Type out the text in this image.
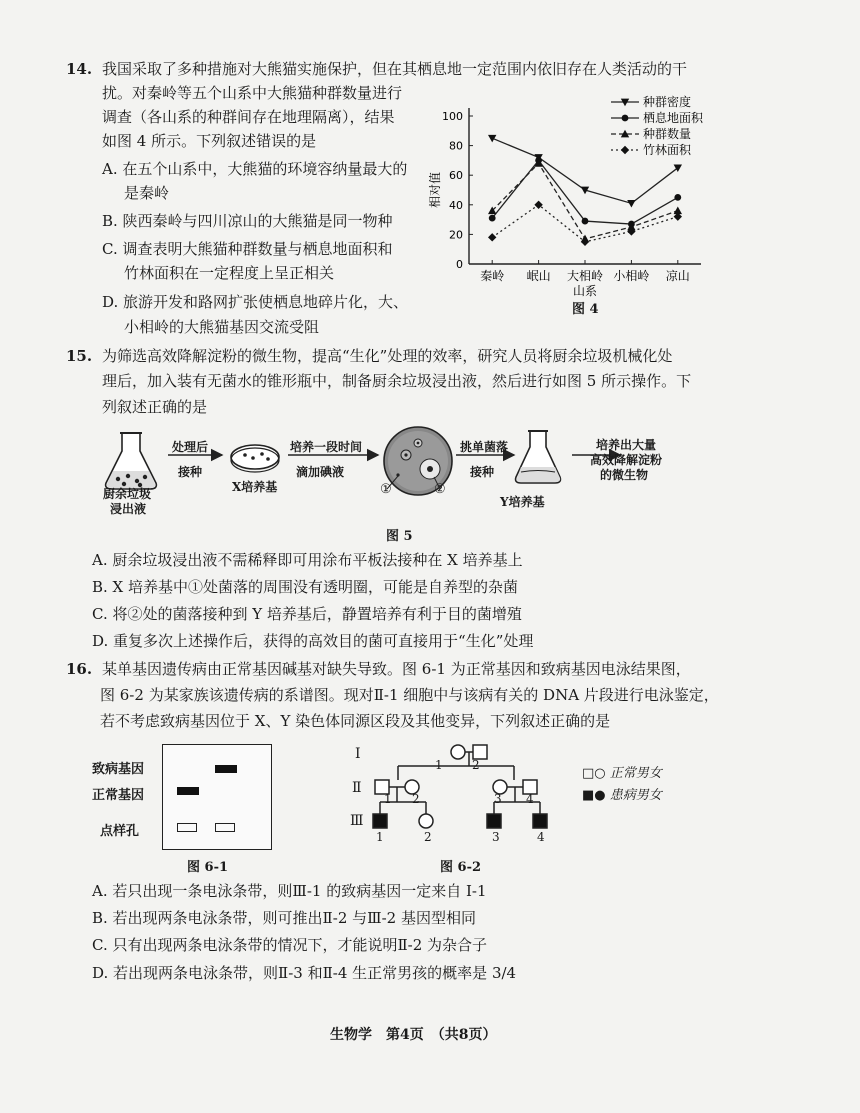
14. 我国采取了多种措施对大熊猫实施保护，但在其栖息地一定范围内依旧存在人类活动的干
扰。对秦岭等五个山系中大熊猫种群数量进行
调查（各山系的种群间存在地理隔离），结果
如图 4 所示。下列叙述错误的是
A. 在五个山系中，大熊猫的环境容纳量最大的
是秦岭
B. 陕西秦岭与四川凉山的大熊猫是同一物种
C. 调查表明大熊猫种群数量与栖息地面积和
竹林面积在一定程度上呈正相关
D. 旅游开发和路网扩张使栖息地碎片化，大、
小相岭的大熊猫基因交流受阻
0
20
40
60
80
100
秦岭 岷山 大相岭 小相岭 凉山
山系
相对值
种群密度
栖息地面积
种群数量
竹林面积
图 4
15. 为筛选高效降解淀粉的微生物，提高“生化”处理的效率，研究人员将厨余垃圾机械化处
理后，加入装有无菌水的锥形瓶中，制备厨余垃圾浸出液，然后进行如图 5 所示操作。下
列叙述正确的是
厨余垃圾
浸出液
处理后
接种
X培养基
培养一段时间
滴加碘液
①	②
挑单菌落
接种
Y培养基
培养出大量
高效降解淀粉
的微生物
图 5
A. 厨余垃圾浸出液不需稀释即可用涂布平板法接种在 X 培养基上
B. X 培养基中①处菌落的周围没有透明圈，可能是自养型的杂菌
C. 将②处的菌落接种到 Y 培养基后，静置培养有利于目的菌增殖
D. 重复多次上述操作后，获得的高效目的菌可直接用于“生化”处理
16. 某单基因遗传病由正常基因碱基对缺失导致。图 6-1 为正常基因和致病基因电泳结果图，
图 6-2 为某家族该遗传病的系谱图。现对Ⅱ-1 细胞中与该病有关的 DNA 片段进行电泳鉴定，
若不考虑致病基因位于 X、Y 染色体同源区段及其他变异，下列叙述正确的是
致病基因
正常基因
点样孔
图 6-1
Ⅰ
Ⅱ
Ⅲ
1 2
1 2	3 4
1	2	3	4
□○ 正常男女
■● 患病男女
图 6-2
A. 若只出现一条电泳条带，则Ⅲ-1 的致病基因一定来自 I-1
B. 若出现两条电泳条带，则可推出Ⅱ-2 与Ⅲ-2 基因型相同
C. 只有出现两条电泳条带的情况下，才能说明Ⅱ-2 为杂合子
D. 若出现两条电泳条带，则Ⅱ-3 和Ⅱ-4 生正常男孩的概率是 3/4
生物学　第4页　（共8页）
